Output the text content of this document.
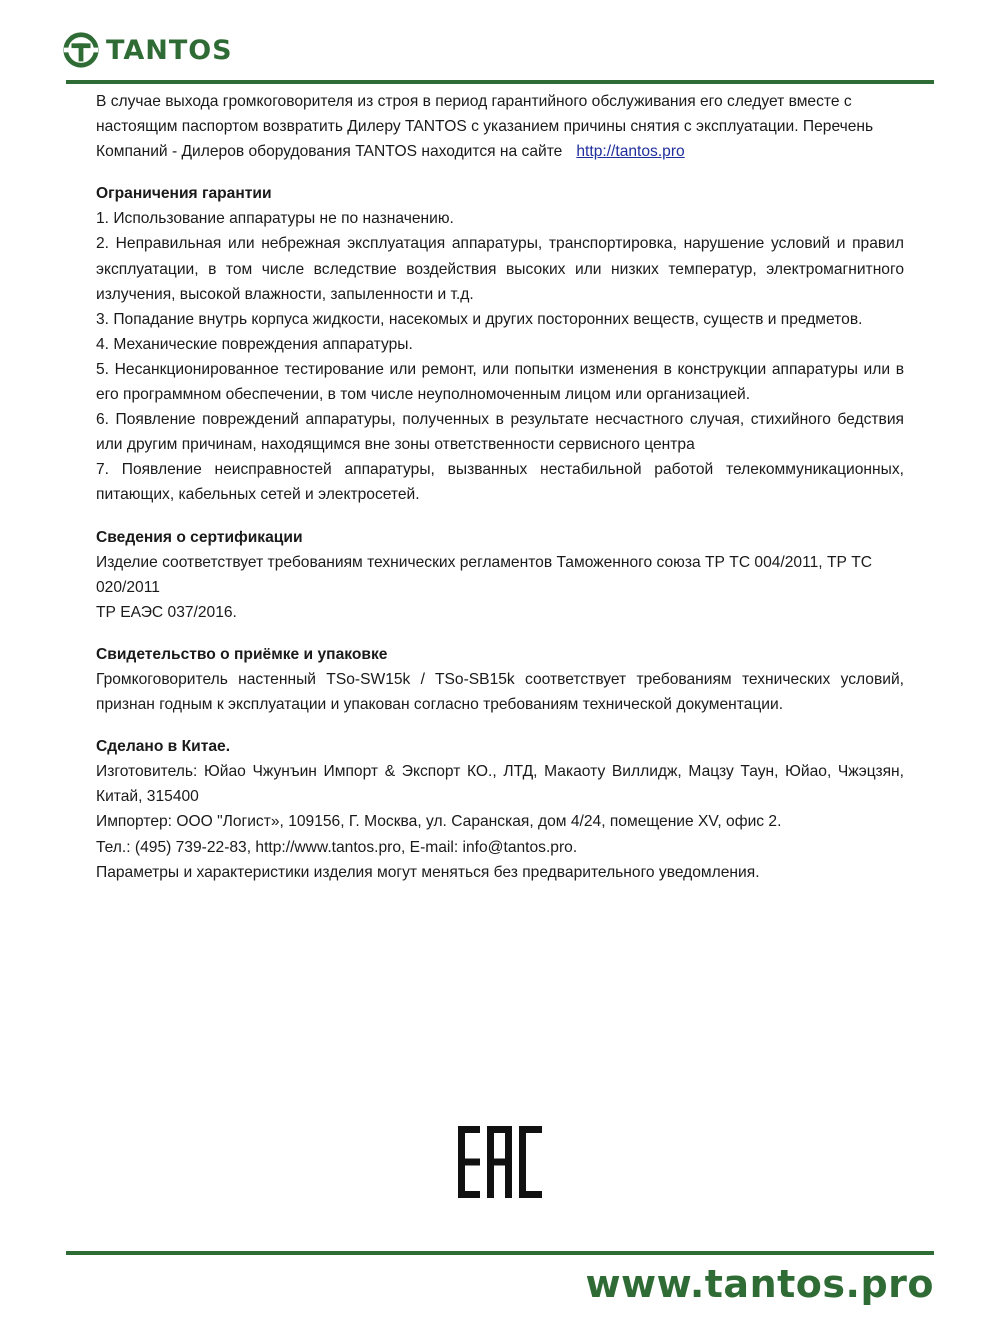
TANTOS

В случае выхода громкоговорителя из строя в период гарантийного обслуживания его следует вместе с

настоящим паспортом возвратить Дилеру TANTOS с указанием причины снятия с эксплуатации. Перечень

Компаний - Дилеров оборудования TANTOS находится на сайте http://tantos.pro

Ограничения гарантии

1. Использование аппаратуры не по назначению.

2. Неправильная или небрежная эксплуатация аппаратуры, транспортировка, нарушение условий и правил эксплуатации, в том числе вследствие воздействия высоких или низких температур, электромагнитного излучения, высокой влажности, запыленности и т.д.

3. Попадание внутрь корпуса жидкости, насекомых и других посторонних веществ, существ и предметов.

4. Механические повреждения аппаратуры.

5. Несанкционированное тестирование или ремонт, или попытки изменения в конструкции аппаратуры или в его программном обеспечении, в том числе неуполномоченным лицом или организацией.

6. Появление повреждений аппаратуры, полученных в результате несчастного случая, стихийного бедствия или другим причинам, находящимся вне зоны ответственности сервисного центра

7. Появление неисправностей аппаратуры, вызванных нестабильной работой телекоммуникационных, питающих, кабельных сетей и электросетей.

Сведения о сертификации

Изделие соответствует требованиям технических регламентов Таможенного союза ТР ТС 004/2011, ТР ТС

020/2011

ТР ЕАЭС 037/2016.

Свидетельство о приёмке и упаковке

Громкоговоритель настенный TSo-SW15k / TSo-SB15k соответствует требованиям технических условий, признан годным к эксплуатации и упакован согласно требованиям технической документации.

Сделано в Китае.

Изготовитель: Юйао Чжунъин Импорт & Экспорт КО., ЛТД, Макаоту Виллидж, Мацзу Таун, Юйао, Чжэцзян, Китай, 315400

Импортер: ООО "Логист», 109156, Г. Москва, ул. Саранская, дом 4/24, помещение XV, офис 2.

Тел.: (495) 739-22-83, http://www.tantos.pro, E-mail: info@tantos.pro.

Параметры и характеристики изделия могут меняться без предварительного уведомления.

www.tantos.pro
